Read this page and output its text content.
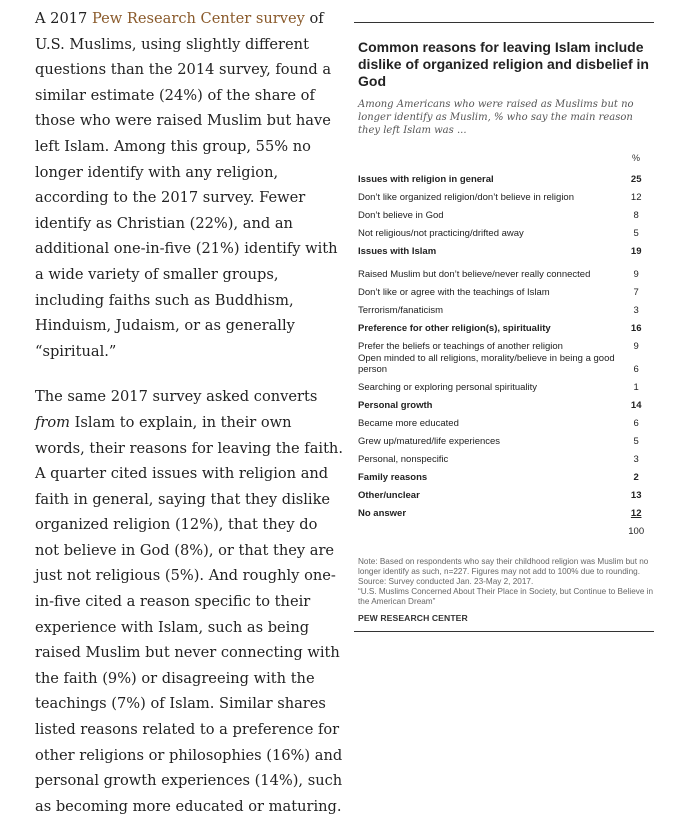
A 2017 Pew Research Center survey of U.S. Muslims, using slightly different questions than the 2014 survey, found a similar estimate (24%) of the share of those who were raised Muslim but have left Islam. Among this group, 55% no longer identify with any religion, according to the 2017 survey. Fewer identify as Christian (22%), and an additional one-in-five (21%) identify with a wide variety of smaller groups, including faiths such as Buddhism, Hinduism, Judaism, or as generally “spiritual.”

The same 2017 survey asked converts from Islam to explain, in their own words, their reasons for leaving the faith. A quarter cited issues with religion and faith in general, saying that they dislike organized religion (12%), that they do not believe in God (8%), or that they are just not religious (5%). And roughly one-in-five cited a reason specific to their experience with Islam, such as being raised Muslim but never connecting with the faith (9%) or disagreeing with the teachings (7%) of Islam. Similar shares listed reasons related to a preference for other religions or philosophies (16%) and personal growth experiences (14%), such as becoming more educated or maturing.

Common reasons for leaving Islam include dislike of organized religion and disbelief in God
Among Americans who were raised as Muslims but no longer identify as Muslim, % who say the main reason they left Islam was ...
%
Issues with religion in general	25
Don’t like organized religion/don’t believe in religion	12
Don’t believe in God	8
Not religious/not practicing/drifted away	5
Issues with Islam	19
Raised Muslim but don’t believe/never really connected	9
Don’t like or agree with the teachings of Islam	7
Terrorism/fanaticism	3
Preference for other religion(s), spirituality	16
Prefer the beliefs or teachings of another religion	9
Open minded to all religions, morality/believe in being a good person	6
Searching or exploring personal spirituality	1
Personal growth	14
Became more educated	6
Grew up/matured/life experiences	5
Personal, nonspecific	3
Family reasons	2
Other/unclear	13
No answer	12
	100
Note: Based on respondents who say their childhood religion was Muslim but no longer identify as such, n=227. Figures may not add to 100% due to rounding.
Source: Survey conducted Jan. 23-May 2, 2017.
“U.S. Muslims Concerned About Their Place in Society, but Continue to Believe in the American Dream”
PEW RESEARCH CENTER
